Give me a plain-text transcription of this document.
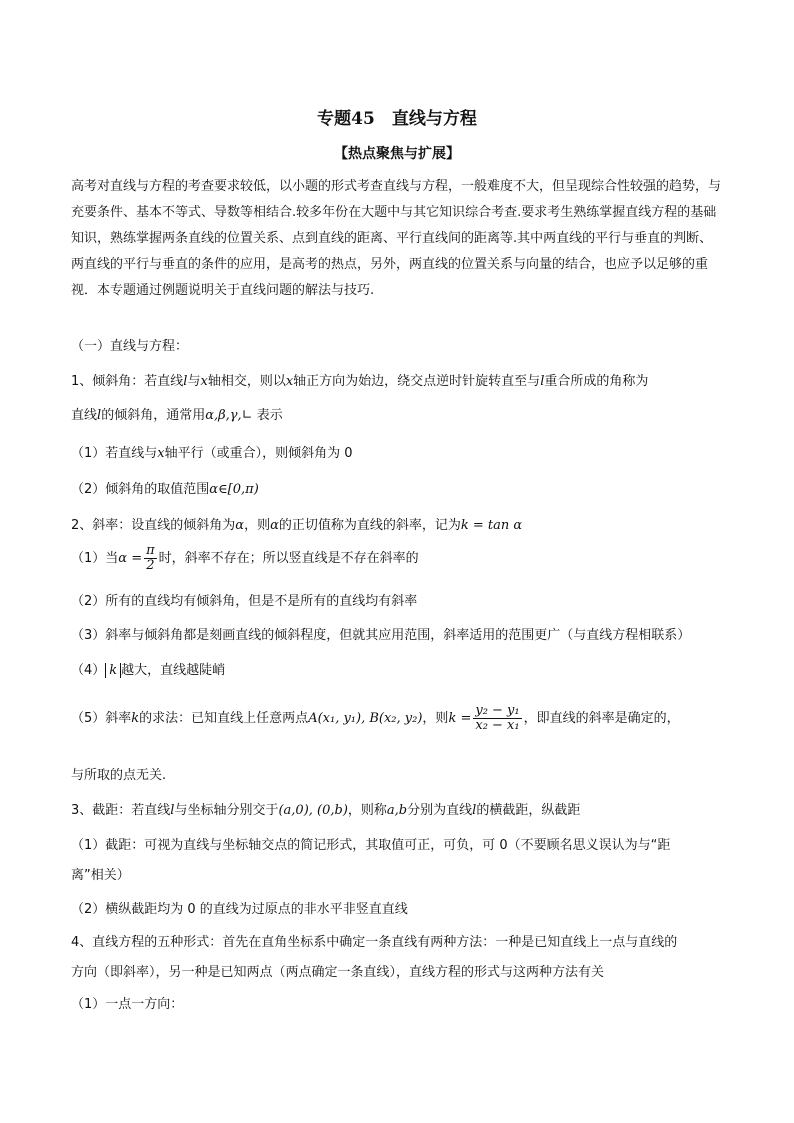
专题45　直线与方程
【热点聚焦与扩展】
高考对直线与方程的考查要求较低，以小题的形式考查直线与方程，一般难度不大，但呈现综合性较强的趋势，与充要条件、基本不等式、导数等相结合.较多年份在大题中与其它知识综合考查.要求考生熟练掌握直线方程的基础知识，熟练掌握两条直线的位置关系、点到直线的距离、平行直线间的距离等.其中两直线的平行与垂直的判断、两直线的平行与垂直的条件的应用，是高考的热点，另外，两直线的位置关系与向量的结合，也应予以足够的重视．本专题通过例题说明关于直线问题的解法与技巧.
（一）直线与方程：
1、倾斜角：若直线l与x轴相交，则以x轴正方向为始边，绕交点逆时针旋转直至与l重合所成的角称为
直线l的倾斜角，通常用α,β,γ,∟ 表示
（1）若直线与x轴平行（或重合），则倾斜角为 0
（2）倾斜角的取值范围α∈[0,π)
2、斜率：设直线的倾斜角为α，则α的正切值称为直线的斜率，记为k = tan α
（1）当$\alpha = \frac{\pi}{2}$ 时，斜率不存在；所以竖直线是不存在斜率的
（2）所有的直线均有倾斜角，但是不是所有的直线均有斜率
（3）斜率与倾斜角都是刻画直线的倾斜程度，但就其应用范围，斜率适用的范围更广（与直线方程相联系）
（4） k 越大，直线越陡峭
（5）斜率k的求法：已知直线上任意两点A(x₁, y₁), B(x₂, y₂)，则$k = \frac{\text{y₂ − y₁}}{\text{x₂ − x₁}}$ ，即直线的斜率是确定的，
与所取的点无关.
3、截距：若直线l与坐标轴分别交于(a,0), (0,b)，则称a,b分别为直线l的横截距，纵截距
（1）截距：可视为直线与坐标轴交点的简记形式，其取值可正，可负，可 0（不要顾名思义误认为与“距
离”相关）
（2）横纵截距均为 0 的直线为过原点的非水平非竖直直线
4、直线方程的五种形式：首先在直角坐标系中确定一条直线有两种方法：一种是已知直线上一点与直线的
方向（即斜率），另一种是已知两点（两点确定一条直线），直线方程的形式与这两种方法有关
（1）一点一方向：
